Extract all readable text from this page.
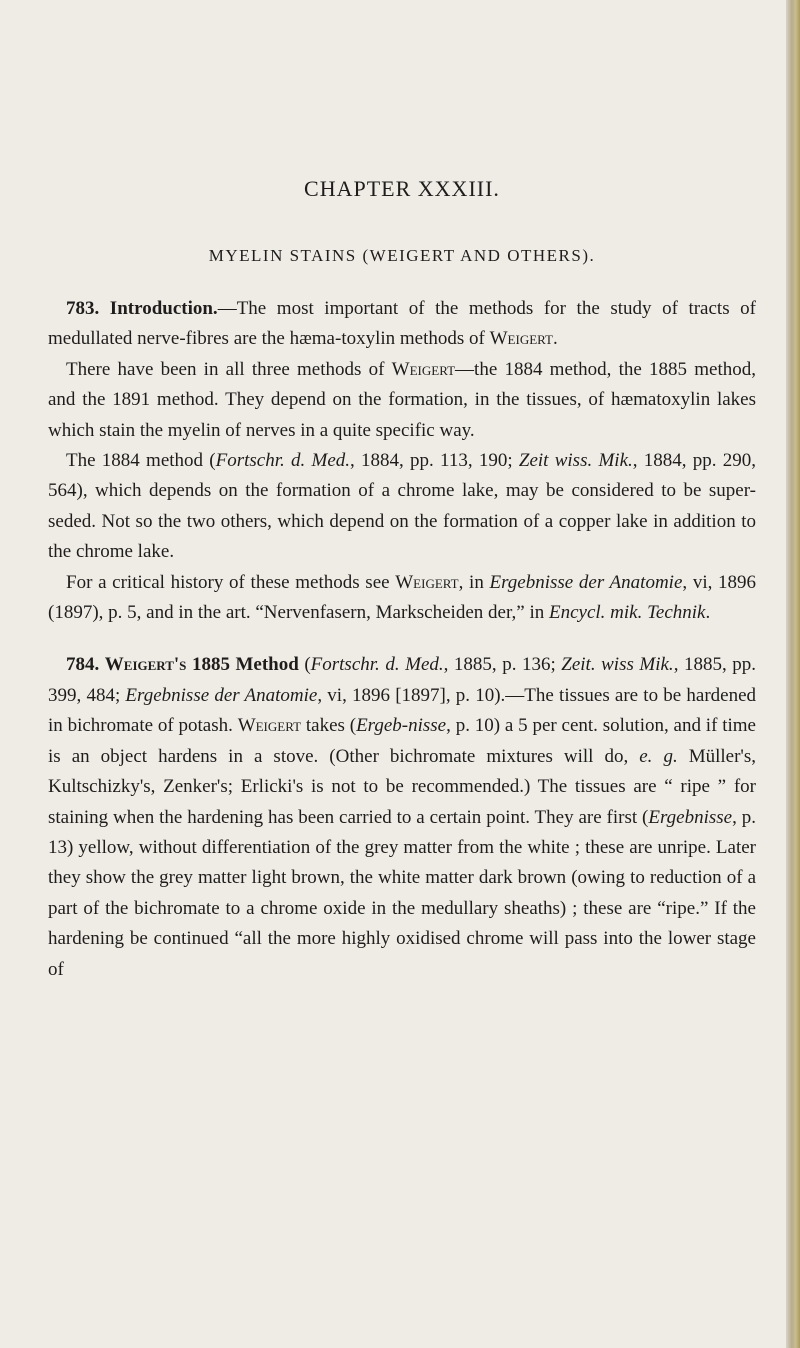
CHAPTER XXXIII.
MYELIN STAINS (WEIGERT AND OTHERS).

783. Introduction.—The most important of the methods for the study of tracts of medullated nerve-fibres are the hæma-toxylin methods of Weigert.

There have been in all three methods of Weigert—the 1884 method, the 1885 method, and the 1891 method. They depend on the formation, in the tissues, of hæmatoxylin lakes which stain the myelin of nerves in a quite specific way.

The 1884 method (Fortschr. d. Med., 1884, pp. 113, 190; Zeit wiss. Mik., 1884, pp. 290, 564), which depends on the formation of a chrome lake, may be considered to be super-seded. Not so the two others, which depend on the formation of a copper lake in addition to the chrome lake.

For a critical history of these methods see Weigert, in Ergebnisse der Anatomie, vi, 1896 (1897), p. 5, and in the art. “Nervenfasern, Markscheiden der,” in Encycl. mik. Technik.

784. Weigert's 1885 Method (Fortschr. d. Med., 1885, p. 136; Zeit. wiss Mik., 1885, pp. 399, 484; Ergebnisse der Anatomie, vi, 1896 [1897], p. 10).—The tissues are to be hardened in bichromate of potash. Weigert takes (Ergeb-nisse, p. 10) a 5 per cent. solution, and if time is an object hardens in a stove. (Other bichromate mixtures will do, e. g. Müller's, Kultschizky's, Zenker's; Erlicki's is not to be recommended.) The tissues are “ ripe ” for staining when the hardening has been carried to a certain point. They are first (Ergebnisse, p. 13) yellow, without differentiation of the grey matter from the white ; these are unripe. Later they show the grey matter light brown, the white matter dark brown (owing to reduction of a part of the bichromate to a chrome oxide in the medullary sheaths) ; these are “ripe.” If the hardening be continued “all the more highly oxidised chrome will pass into the lower stage of
